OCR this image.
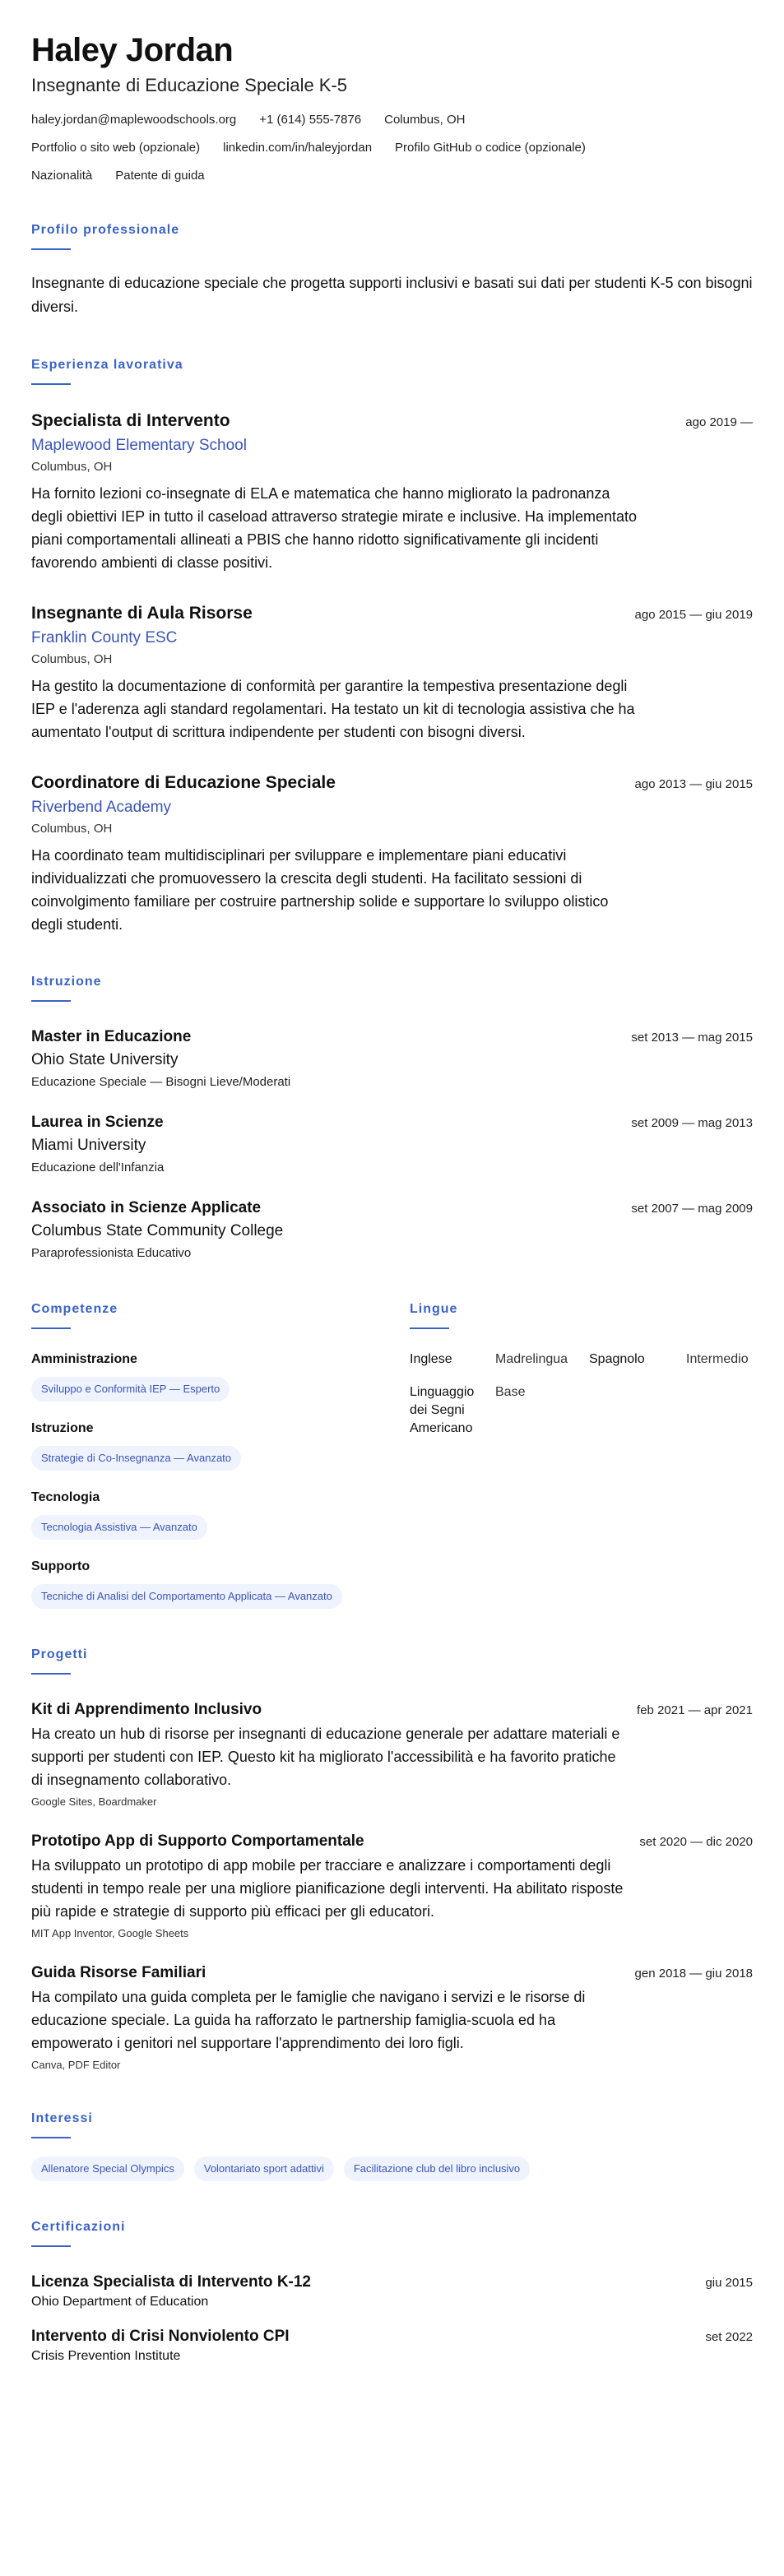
Haley Jordan
Insegnante di Educazione Speciale K-5
haley.jordan@maplewoodschools.org +1 (614) 555-7876 Columbus, OH
Portfolio o sito web (opzionale) linkedin.com/in/haleyjordan Profilo GitHub o codice (opzionale)
Nazionalità Patente di guida
Profilo professionale
Insegnante di educazione speciale che progetta supporti inclusivi e basati sui dati per studenti K-5 con bisogni diversi.
Esperienza lavorativa
Specialista di Intervento	ago 2019 —
Maplewood Elementary School
Columbus, OH
Ha fornito lezioni co-insegnate di ELA e matematica che hanno migliorato la padronanza degli obiettivi IEP in tutto il caseload attraverso strategie mirate e inclusive. Ha implementato piani comportamentali allineati a PBIS che hanno ridotto significativamente gli incidenti favorendo ambienti di classe positivi.
Insegnante di Aula Risorse	ago 2015 — giu 2019
Franklin County ESC
Columbus, OH
Ha gestito la documentazione di conformità per garantire la tempestiva presentazione degli IEP e l'aderenza agli standard regolamentari. Ha testato un kit di tecnologia assistiva che ha aumentato l'output di scrittura indipendente per studenti con bisogni diversi.
Coordinatore di Educazione Speciale	ago 2013 — giu 2015
Riverbend Academy
Columbus, OH
Ha coordinato team multidisciplinari per sviluppare e implementare piani educativi individualizzati che promuovessero la crescita degli studenti. Ha facilitato sessioni di coinvolgimento familiare per costruire partnership solide e supportare lo sviluppo olistico degli studenti.
Istruzione
Master in Educazione	set 2013 — mag 2015
Ohio State University
Educazione Speciale — Bisogni Lieve/Moderati
Laurea in Scienze	set 2009 — mag 2013
Miami University
Educazione dell'Infanzia
Associato in Scienze Applicate	set 2007 — mag 2009
Columbus State Community College
Paraprofessionista Educativo
Competenze
Amministrazione
Sviluppo e Conformità IEP — Esperto
Istruzione
Strategie di Co-Insegnanza — Avanzato
Tecnologia
Tecnologia Assistiva — Avanzato
Supporto
Tecniche di Analisi del Comportamento Applicata — Avanzato
Lingue
Inglese	Madrelingua	Spagnolo	Intermedio
Linguaggio dei Segni Americano
Base
Progetti
Kit di Apprendimento Inclusivo	feb 2021 — apr 2021
Ha creato un hub di risorse per insegnanti di educazione generale per adattare materiali e supporti per studenti con IEP. Questo kit ha migliorato l'accessibilità e ha favorito pratiche di insegnamento collaborativo.
Google Sites, Boardmaker
Prototipo App di Supporto Comportamentale	set 2020 — dic 2020
Ha sviluppato un prototipo di app mobile per tracciare e analizzare i comportamenti degli studenti in tempo reale per una migliore pianificazione degli interventi. Ha abilitato risposte più rapide e strategie di supporto più efficaci per gli educatori.
MIT App Inventor, Google Sheets
Guida Risorse Familiari	gen 2018 — giu 2018
Ha compilato una guida completa per le famiglie che navigano i servizi e le risorse di educazione speciale. La guida ha rafforzato le partnership famiglia-scuola ed ha empowerato i genitori nel supportare l'apprendimento dei loro figli.
Canva, PDF Editor
Interessi
Allenatore Special Olympics	Volontariato sport adattivi	Facilitazione club del libro inclusivo
Certificazioni
Licenza Specialista di Intervento K-12	giu 2015
Ohio Department of Education
Intervento di Crisi Nonviolento CPI	set 2022
Crisis Prevention Institute
